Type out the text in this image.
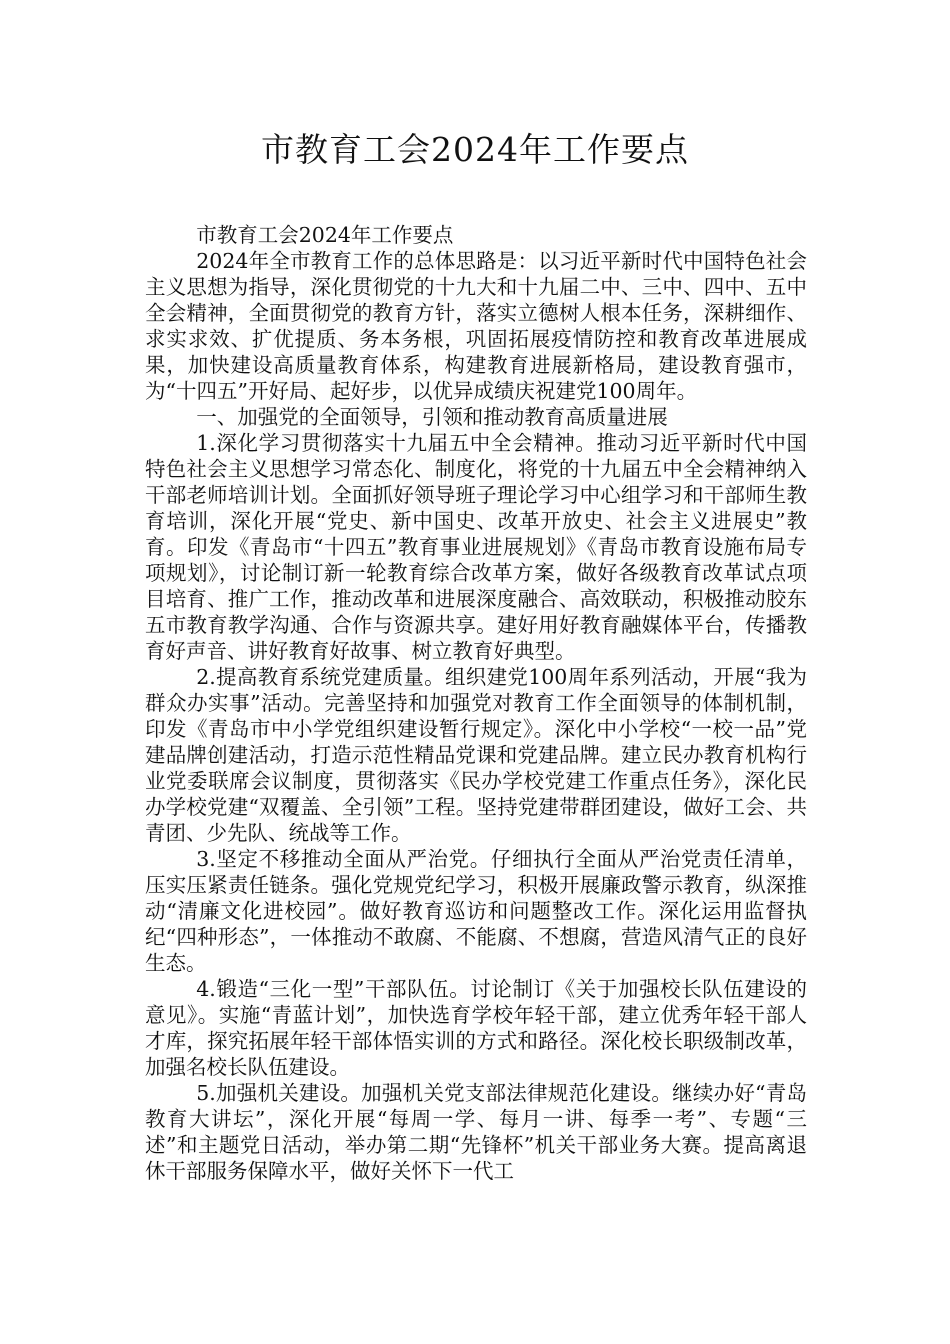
市教育工会2024年工作要点

市教育工会2024年工作要点

2024年全市教育工作的总体思路是：以习近平新时代中国特色社会主义思想为指导，深化贯彻党的十九大和十九届二中、三中、四中、五中全会精神，全面贯彻党的教育方针，落实立德树人根本任务，深耕细作、求实求效、扩优提质、务本务根，巩固拓展疫情防控和教育改革进展成果，加快建设高质量教育体系，构建教育进展新格局，建设教育强市，为“十四五”开好局、起好步，以优异成绩庆祝建党100周年。

一、加强党的全面领导，引领和推动教育高质量进展

1.深化学习贯彻落实十九届五中全会精神。推动习近平新时代中国特色社会主义思想学习常态化、制度化，将党的十九届五中全会精神纳入干部老师培训计划。全面抓好领导班子理论学习中心组学习和干部师生教育培训，深化开展“党史、新中国史、改革开放史、社会主义进展史”教育。印发《青岛市“十四五”教育事业进展规划》《青岛市教育设施布局专项规划》，讨论制订新一轮教育综合改革方案，做好各级教育改革试点项目培育、推广工作，推动改革和进展深度融合、高效联动，积极推动胶东五市教育教学沟通、合作与资源共享。建好用好教育融媒体平台，传播教育好声音、讲好教育好故事、树立教育好典型。

2.提高教育系统党建质量。组织建党100周年系列活动，开展“我为群众办实事”活动。完善坚持和加强党对教育工作全面领导的体制机制，印发《青岛市中小学党组织建设暂行规定》。深化中小学校“一校一品”党建品牌创建活动，打造示范性精品党课和党建品牌。建立民办教育机构行业党委联席会议制度，贯彻落实《民办学校党建工作重点任务》，深化民办学校党建“双覆盖、全引领”工程。坚持党建带群团建设，做好工会、共青团、少先队、统战等工作。

3.坚定不移推动全面从严治党。仔细执行全面从严治党责任清单，压实压紧责任链条。强化党规党纪学习，积极开展廉政警示教育，纵深推动“清廉文化进校园”。做好教育巡访和问题整改工作。深化运用监督执纪“四种形态”，一体推动不敢腐、不能腐、不想腐，营造风清气正的良好生态。

4.锻造“三化一型”干部队伍。讨论制订《关于加强校长队伍建设的意见》。实施“青蓝计划”，加快选育学校年轻干部，建立优秀年轻干部人才库，探究拓展年轻干部体悟实训的方式和路径。深化校长职级制改革，加强名校长队伍建设。

5.加强机关建设。加强机关党支部法律规范化建设。继续办好“青岛教育大讲坛”，深化开展“每周一学、每月一讲、每季一考”、专题“三述”和主题党日活动，举办第二期“先锋杯”机关干部业务大赛。提高离退休干部服务保障水平，做好关怀下一代工
